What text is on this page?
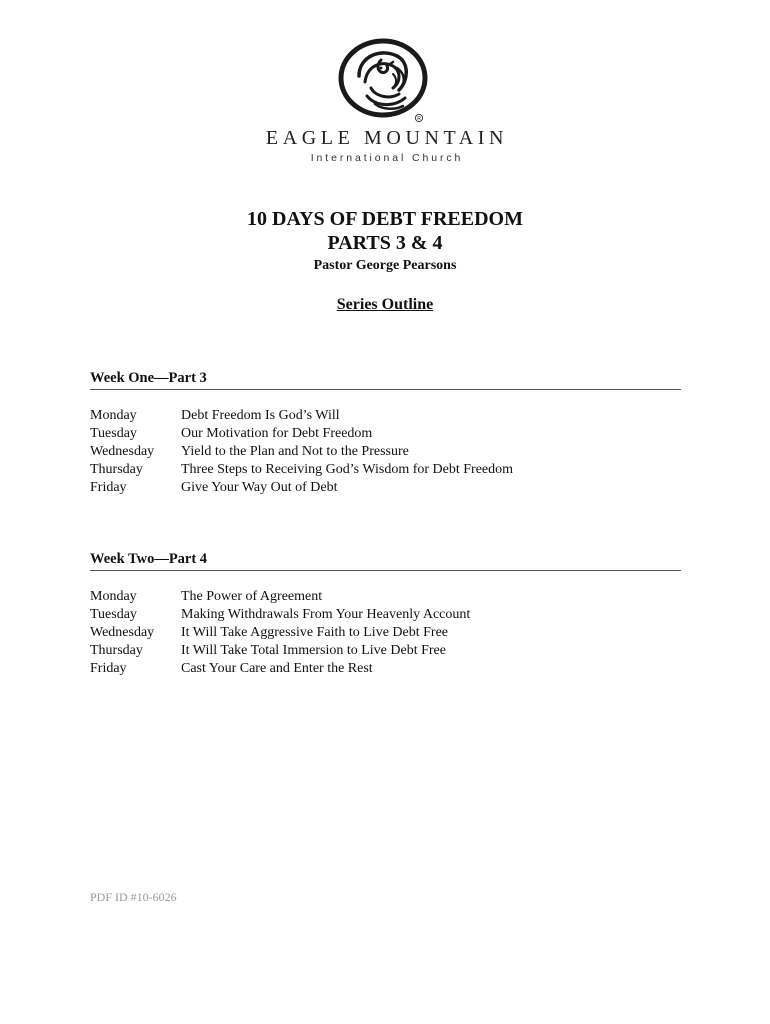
R
EAGLE MOUNTAIN
International Church
10 DAYS OF DEBT FREEDOM
PARTS 3 & 4
Pastor George Pearsons
Series Outline
Week One—Part 3
Monday	Debt Freedom Is God’s Will
Tuesday	Our Motivation for Debt Freedom
Wednesday	Yield to the Plan and Not to the Pressure
Thursday	Three Steps to Receiving God’s Wisdom for Debt Freedom
Friday	Give Your Way Out of Debt
Week Two—Part 4
Monday	The Power of Agreement
Tuesday	Making Withdrawals From Your Heavenly Account
Wednesday	It Will Take Aggressive Faith to Live Debt Free
Thursday	It Will Take Total Immersion to Live Debt Free
Friday	Cast Your Care and Enter the Rest
PDF ID #10-6026
